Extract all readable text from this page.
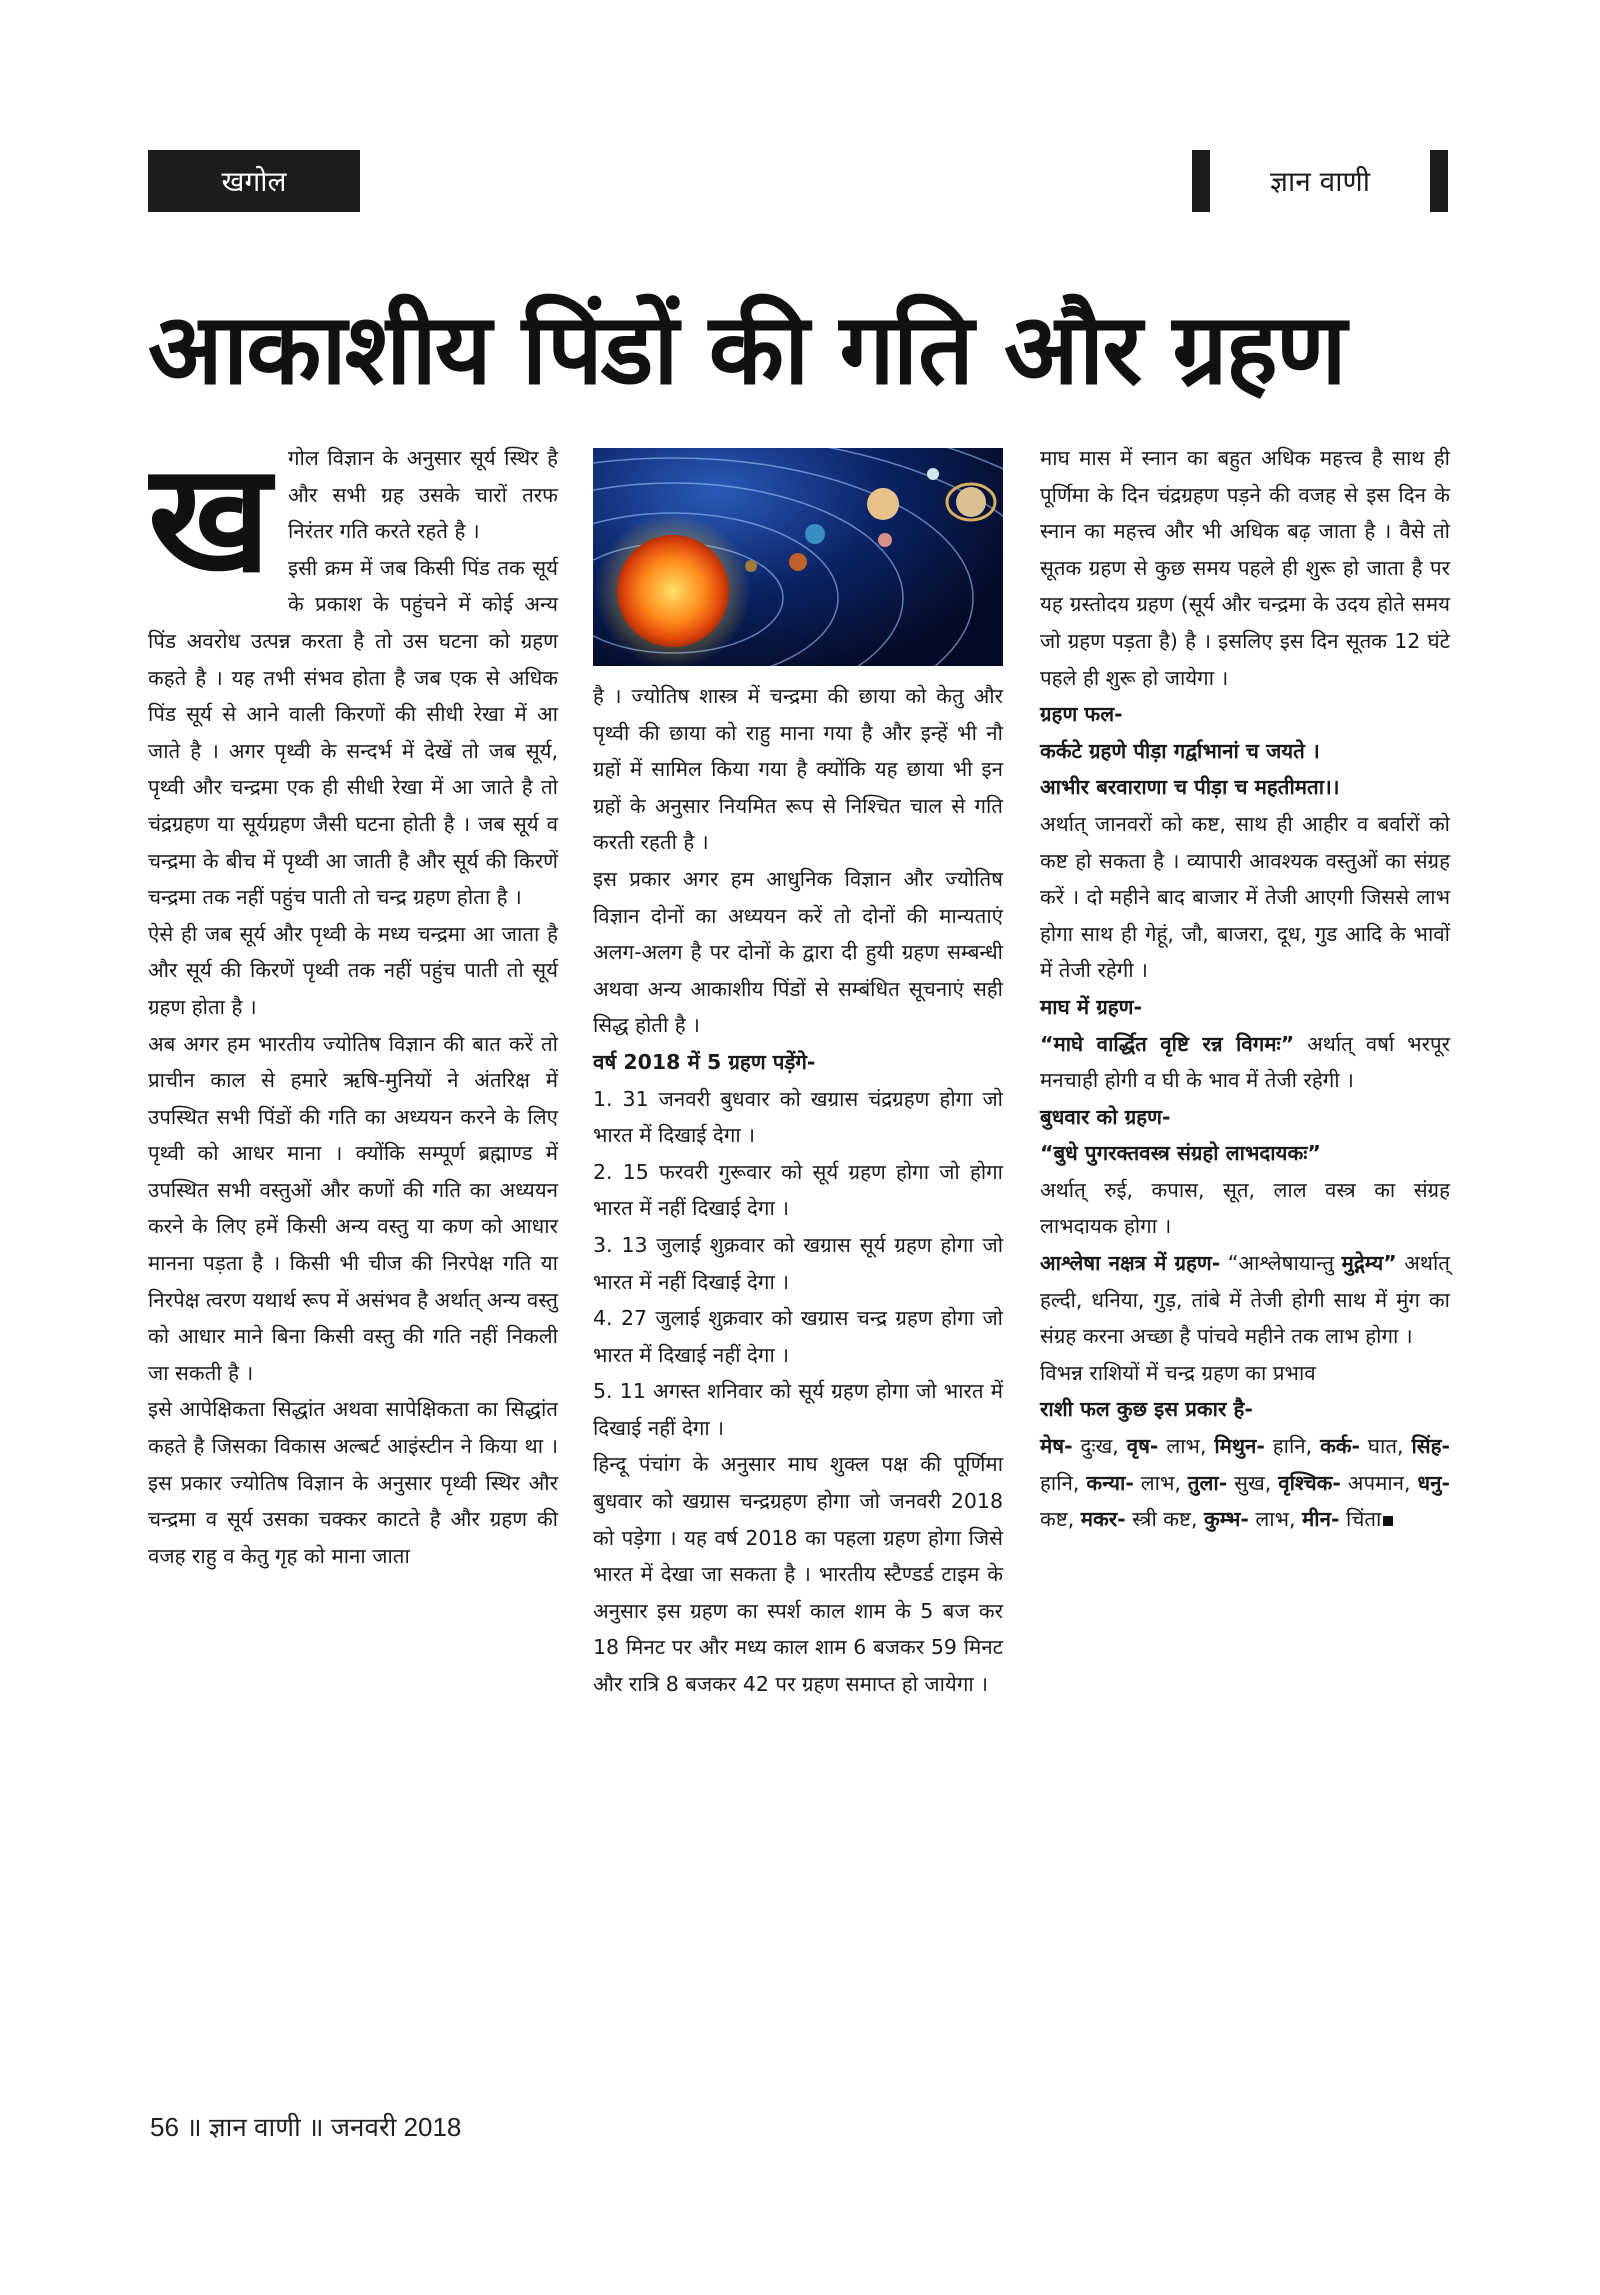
खगोल	ज्ञान वाणी
आकाशीय पिंडों की गति और ग्रहण
ख गोल विज्ञान के अनुसार सूर्य स्थिर है और सभी ग्रह उसके चारों तरफ निरंतर गति करते रहते है ।

इसी क्रम में जब किसी पिंड तक सूर्य के प्रकाश के पहुंचने में कोई अन्य पिंड अवरोध उत्पन्न करता है तो उस घटना को ग्रहण कहते है । यह तभी संभव होता है जब एक से अधिक पिंड सूर्य से आने वाली किरणों की सीधी रेखा में आ जाते है । अगर पृथ्वी के सन्दर्भ में देखें तो जब सूर्य, पृथ्वी और चन्द्रमा एक ही सीधी रेखा में आ जाते है तो चंद्रग्रहण या सूर्यग्रहण जैसी घटना होती है । जब सूर्य व चन्द्रमा के बीच में पृथ्वी आ जाती है और सूर्य की किरणें चन्द्रमा तक नहीं पहुंच पाती तो चन्द्र ग्रहण होता है ।

ऐसे ही जब सूर्य और पृथ्वी के मध्य चन्द्रमा आ जाता है और सूर्य की किरणें पृथ्वी तक नहीं पहुंच पाती तो सूर्य ग्रहण होता है ।

अब अगर हम भारतीय ज्योतिष विज्ञान की बात करें तो प्राचीन काल से हमारे ऋषि-मुनियों ने अंतरिक्ष में उपस्थित सभी पिंडों की गति का अध्ययन करने के लिए पृथ्वी को आधर माना । क्योंकि सम्पूर्ण ब्रह्माण्ड में उपस्थित सभी वस्तुओं और कणों की गति का अध्ययन करने के लिए हमें किसी अन्य वस्तु या कण को आधार मानना पड़ता है । किसी भी चीज की निरपेक्ष गति या निरपेक्ष त्वरण यथार्थ रूप में असंभव है अर्थात् अन्य वस्तु को आधार माने बिना किसी वस्तु की गति नहीं निकली जा सकती है ।

इसे आपेक्षिकता सिद्धांत अथवा सापेक्षिकता का सिद्धांत कहते है जिसका विकास अल्बर्ट आइंस्टीन ने किया था । इस प्रकार ज्योतिष विज्ञान के अनुसार पृथ्वी स्थिर और चन्द्रमा व सूर्य उसका चक्कर काटते है और ग्रहण की वजह राहु व केतु गृह को माना जाता

है । ज्योतिष शास्त्र में चन्द्रमा की छाया को केतु और पृथ्वी की छाया को राहु माना गया है और इन्हें भी नौ ग्रहों में सामिल किया गया है क्योंकि यह छाया भी इन ग्रहों के अनुसार नियमित रूप से निश्चित चाल से गति करती रहती है ।

इस प्रकार अगर हम आधुनिक विज्ञान और ज्योतिष विज्ञान दोनों का अध्ययन करें तो दोनों की मान्यताएं अलग-अलग है पर दोनों के द्वारा दी हुयी ग्रहण सम्बन्धी अथवा अन्य आकाशीय पिंडों से सम्बंधित सूचनाएं सही सिद्ध होती है ।

वर्ष 2018 में 5 ग्रहण पड़ेंगे-

1. 31 जनवरी बुधवार को खग्रास चंद्रग्रहण होगा जो भारत में दिखाई देगा ।

2. 15 फरवरी गुरूवार को सूर्य ग्रहण होगा जो होगा भारत में नहीं दिखाई देगा ।

3. 13 जुलाई शुक्रवार को खग्रास सूर्य ग्रहण होगा जो भारत में नहीं दिखाई देगा ।

4. 27 जुलाई शुक्रवार को खग्रास चन्द्र ग्रहण होगा जो भारत में दिखाई नहीं देगा ।

5. 11 अगस्त शनिवार को सूर्य ग्रहण होगा जो भारत में दिखाई नहीं देगा ।

हिन्दू पंचांग के अनुसार माघ शुक्ल पक्ष की पूर्णिमा बुधवार को खग्रास चन्द्रग्रहण होगा जो जनवरी 2018 को पड़ेगा । यह वर्ष 2018 का पहला ग्रहण होगा जिसे भारत में देखा जा सकता है । भारतीय स्टैण्डर्ड टाइम के अनुसार इस ग्रहण का स्पर्श काल शाम के 5 बज कर 18 मिनट पर और मध्य काल शाम 6 बजकर 59 मिनट और रात्रि 8 बजकर 42 पर ग्रहण समाप्त हो जायेगा ।

माघ मास में स्नान का बहुत अधिक महत्त्व है साथ ही पूर्णिमा के दिन चंद्रग्रहण पड़ने की वजह से इस दिन के स्नान का महत्त्व और भी अधिक बढ़ जाता है । वैसे तो सूतक ग्रहण से कुछ समय पहले ही शुरू हो जाता है पर यह ग्रस्तोदय ग्रहण (सूर्य और चन्द्रमा के उदय होते समय जो ग्रहण पड़ता है) है । इसलिए इस दिन सूतक 12 घंटे पहले ही शुरू हो जायेगा ।

ग्रहण फल-

कर्कटे ग्रहणे पीड़ा गर्द्वाभानां च जयते ।

आभीर बरवाराणा च पीड़ा च महतीमता।।

अर्थात् जानवरों को कष्ट, साथ ही आहीर व बर्वारों को कष्ट हो सकता है । व्यापारी आवश्यक वस्तुओं का संग्रह करें । दो महीने बाद बाजार में तेजी आएगी जिससे लाभ होगा साथ ही गेहूं, जौ, बाजरा, दूध, गुड आदि के भावों में तेजी रहेगी ।

माघ में ग्रहण-

“माघे वार्द्धित वृष्टि रन्न विगमः” अर्थात् वर्षा भरपूर मनचाही होगी व घी के भाव में तेजी रहेगी ।

बुधवार को ग्रहण-

“बुधे पुगरक्तवस्त्र संग्रहो लाभदायकः”

अर्थात् रुई, कपास, सूत, लाल वस्त्र का संग्रह लाभदायक होगा ।

आश्लेषा नक्षत्र में ग्रहण- “आश्लेषायान्तु मुद्गेम्य” अर्थात् हल्दी, धनिया, गुड़, तांबे में तेजी होगी साथ में मुंग का संग्रह करना अच्छा है पांचवे महीने तक लाभ होगा ।

विभन्न राशियों में चन्द्र ग्रहण का प्रभाव

राशी फल कुछ इस प्रकार है-

मेष- दुःख, वृष- लाभ, मिथुन- हानि, कर्क- घात, सिंह- हानि, कन्या- लाभ, तुला- सुख, वृश्चिक- अपमान, धनु- कष्ट, मकर- स्त्री कष्ट, कुम्भ- लाभ, मीन- चिंता

56 ॥ ज्ञान वाणी ॥ जनवरी 2018
